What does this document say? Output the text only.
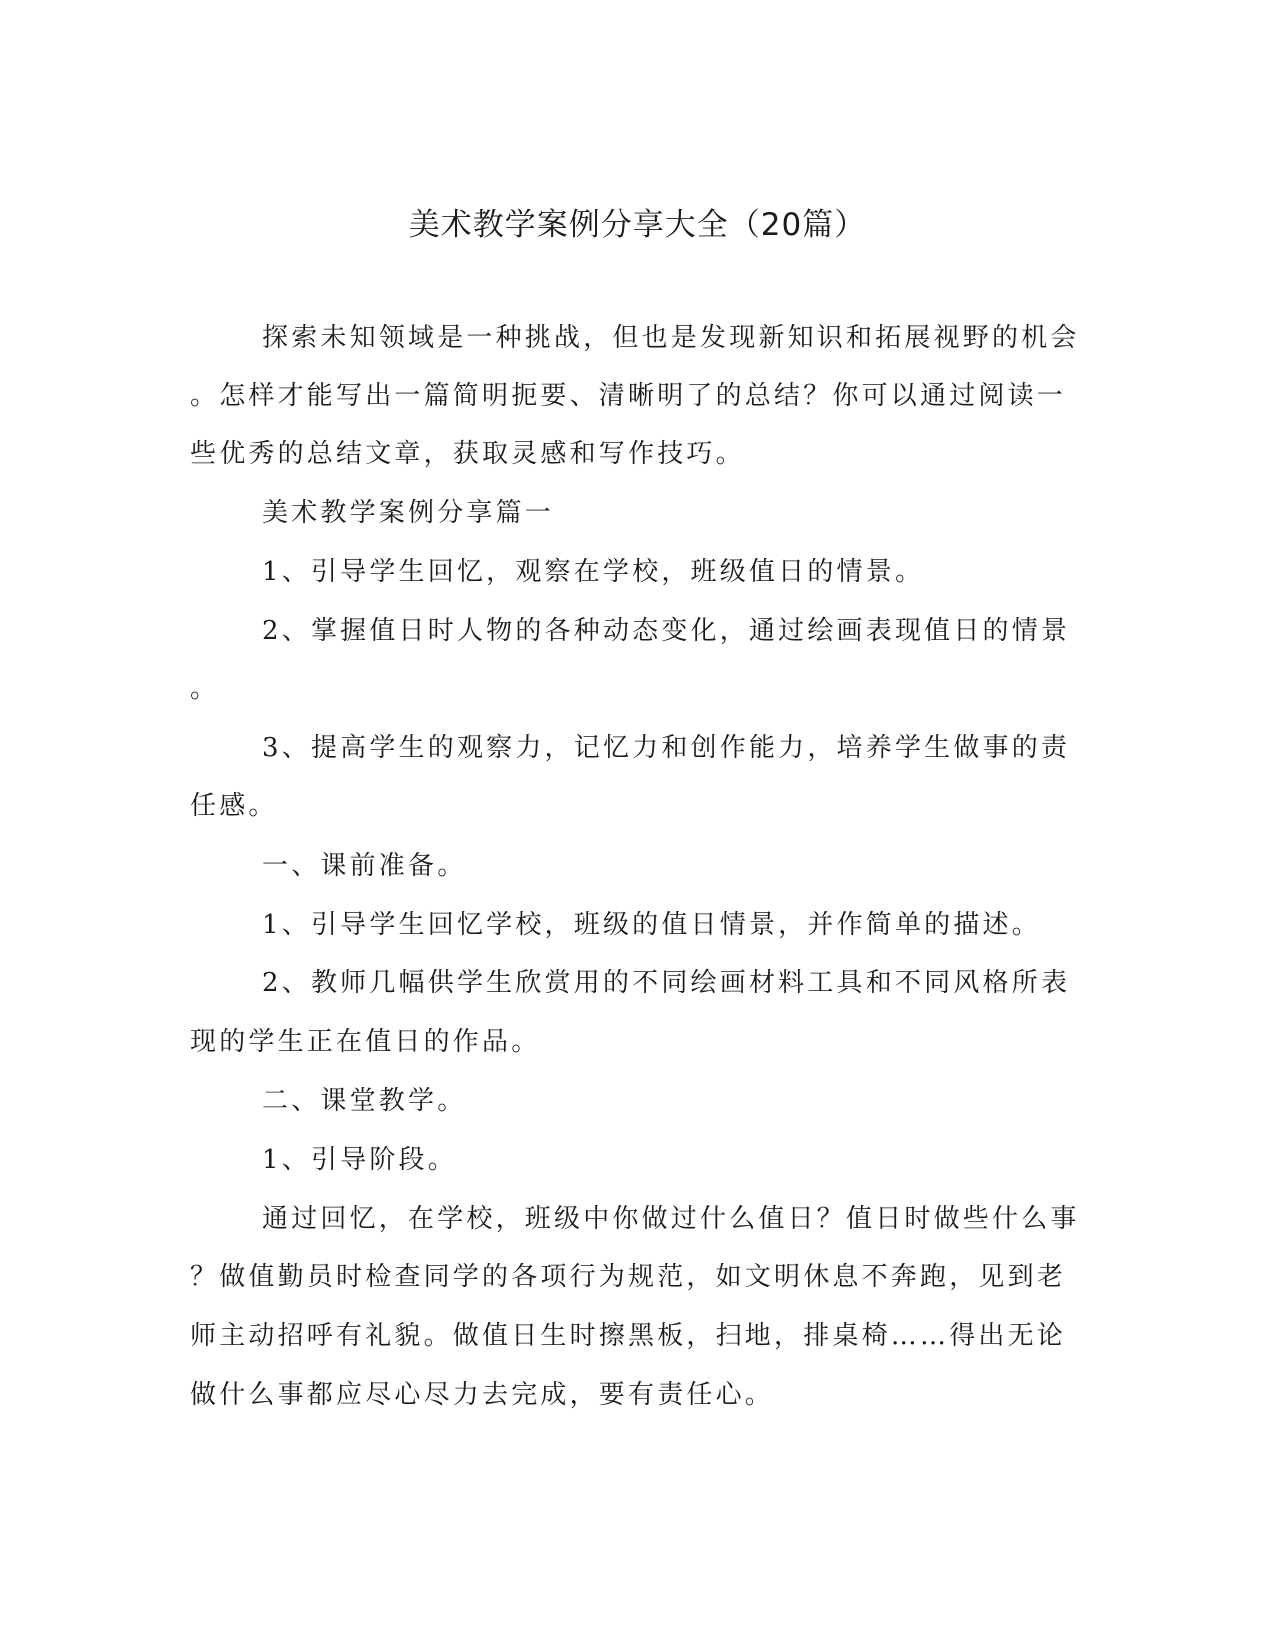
美术教学案例分享大全（20篇）

探索未知领域是一种挑战，但也是发现新知识和拓展视野的机会

。怎样才能写出一篇简明扼要、清晰明了的总结？你可以通过阅读一

些优秀的总结文章，获取灵感和写作技巧。

美术教学案例分享篇一

1、引导学生回忆，观察在学校，班级值日的情景。

2、掌握值日时人物的各种动态变化，通过绘画表现值日的情景

。

3、提高学生的观察力，记忆力和创作能力，培养学生做事的责

任感。

一、课前准备。

1、引导学生回忆学校，班级的值日情景，并作简单的描述。

2、教师几幅供学生欣赏用的不同绘画材料工具和不同风格所表

现的学生正在值日的作品。

二、课堂教学。

1、引导阶段。

通过回忆，在学校，班级中你做过什么值日？值日时做些什么事

？做值勤员时检查同学的各项行为规范，如文明休息不奔跑，见到老

师主动招呼有礼貌。做值日生时擦黑板，扫地，排桌椅……得出无论

做什么事都应尽心尽力去完成，要有责任心。
